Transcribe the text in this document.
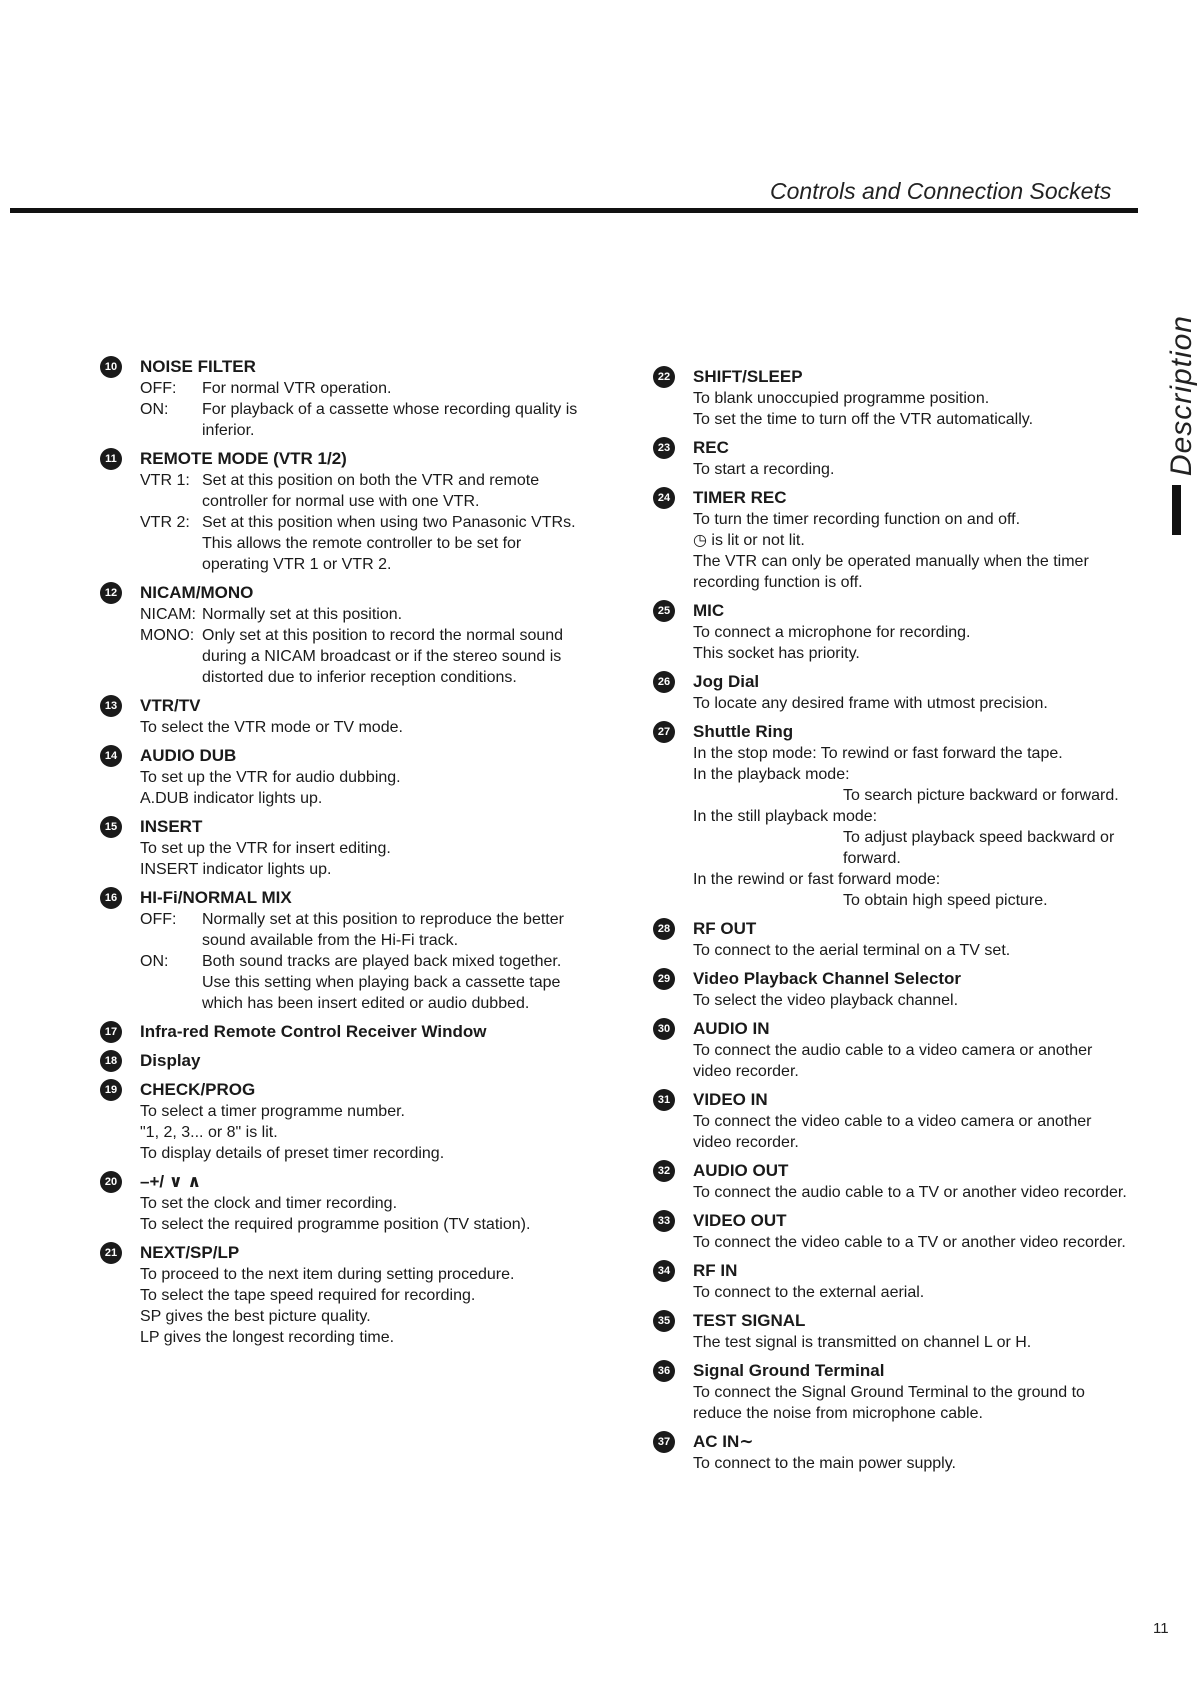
Controls and Connection Sockets
Description
10 NOISE FILTER
OFF:	For normal VTR operation.
ON:	For playback of a cassette whose recording quality is inferior.
11	REMOTE MODE (VTR 1/2)
VTR 1: Set at this position on both the VTR and remote controller for normal use with one VTR.
VTR 2: Set at this position when using two Panasonic VTRs.
This allows the remote controller to be set for operating VTR 1 or VTR 2.
12 NICAM/MONO
NICAM: Normally set at this position.
MONO: Only set at this position to record the normal sound during a NICAM broadcast or if the stereo sound is distorted due to inferior reception conditions.
13 VTR/TV
To select the VTR mode or TV mode.
14 AUDIO DUB
To set up the VTR for audio dubbing.
A.DUB indicator lights up.
15 INSERT
To set up the VTR for insert editing.
INSERT indicator lights up.
16 HI-Fi/NORMAL MIX
OFF:	Normally set at this position to reproduce the better sound available from the Hi-Fi track.
ON:	Both sound tracks are played back mixed together. Use this setting when playing back a cassette tape which has been insert edited or audio dubbed.
17 Infra-red Remote Control Receiver Window
18 Display
19 CHECK/PROG
To select a timer programme number.
"1, 2, 3... or 8" is lit.
To display details of preset timer recording.
20 –+/ ∨ ∧
To set the clock and timer recording.
To select the required programme position (TV station).
21 NEXT/SP/LP
To proceed to the next item during setting procedure.
To select the tape speed required for recording.
SP gives the best picture quality.
LP gives the longest recording time.
22 SHIFT/SLEEP
To blank unoccupied programme position.
To set the time to turn off the VTR automatically.
23 REC
To start a recording.
24 TIMER REC
To turn the timer recording function on and off.
◷ is lit or not lit.
The VTR can only be operated manually when the timer recording function is off.
25 MIC
To connect a microphone for recording.
This socket has priority.
26 Jog Dial
To locate any desired frame with utmost precision.
27 Shuttle Ring
In the stop mode: To rewind or fast forward the tape.
In the playback mode:
To search picture backward or forward.
In the still playback mode:
To adjust playback speed backward or forward.
In the rewind or fast forward mode:
To obtain high speed picture.
28 RF OUT
To connect to the aerial terminal on a TV set.
29 Video Playback Channel Selector
To select the video playback channel.
30 AUDIO IN
To connect the audio cable to a video camera or another video recorder.
31 VIDEO IN
To connect the video cable to a video camera or another video recorder.
32 AUDIO OUT
To connect the audio cable to a TV or another video recorder.
33 VIDEO OUT
To connect the video cable to a TV or another video recorder.
34 RF IN
To connect to the external aerial.
35 TEST SIGNAL
The test signal is transmitted on channel L or H.
36 Signal Ground Terminal
To connect the Signal Ground Terminal to the ground to reduce the noise from microphone cable.
37 AC IN∼
To connect to the main power supply.
11
